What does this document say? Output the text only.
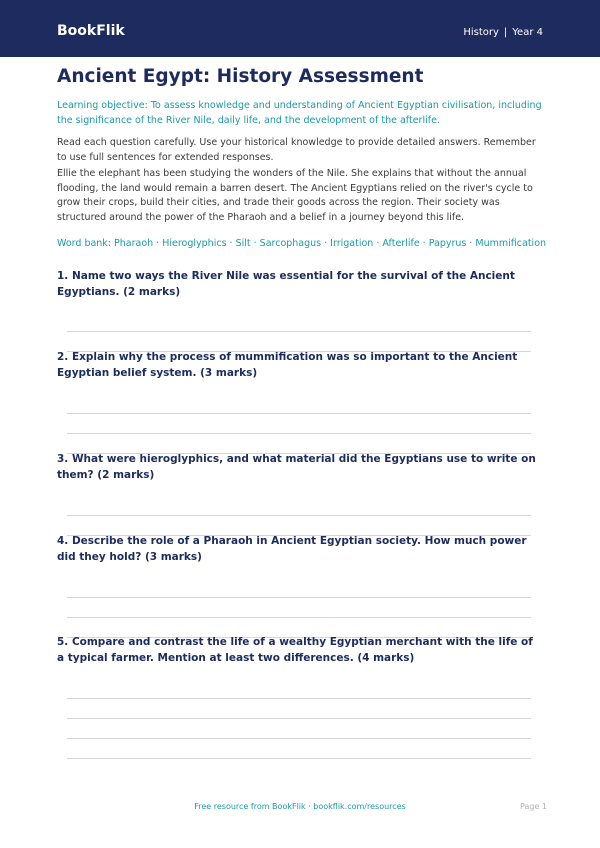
BookFlik	History | Year 4
Ancient Egypt: History Assessment

Learning objective: To assess knowledge and understanding of Ancient Egyptian civilisation, including the significance of the River Nile, daily life, and the development of the afterlife.

Read each question carefully. Use your historical knowledge to provide detailed answers. Remember to use full sentences for extended responses.

Ellie the elephant has been studying the wonders of the Nile. She explains that without the annual flooding, the land would remain a barren desert. The Ancient Egyptians relied on the river's cycle to grow their crops, build their cities, and trade their goods across the region. Their society was structured around the power of the Pharaoh and a belief in a journey beyond this life.

Word bank: Pharaoh · Hieroglyphics · Silt · Sarcophagus · Irrigation · Afterlife · Papyrus · Mummification

1. Name two ways the River Nile was essential for the survival of the Ancient Egyptians. (2 marks)

2. Explain why the process of mummification was so important to the Ancient Egyptian belief system. (3 marks)

3. What were hieroglyphics, and what material did the Egyptians use to write on them? (2 marks)

4. Describe the role of a Pharaoh in Ancient Egyptian society. How much power did they hold? (3 marks)

5. Compare and contrast the life of a wealthy Egyptian merchant with the life of a typical farmer. Mention at least two differences. (4 marks)

Free resource from BookFlik · bookflik.com/resources	Page 1
